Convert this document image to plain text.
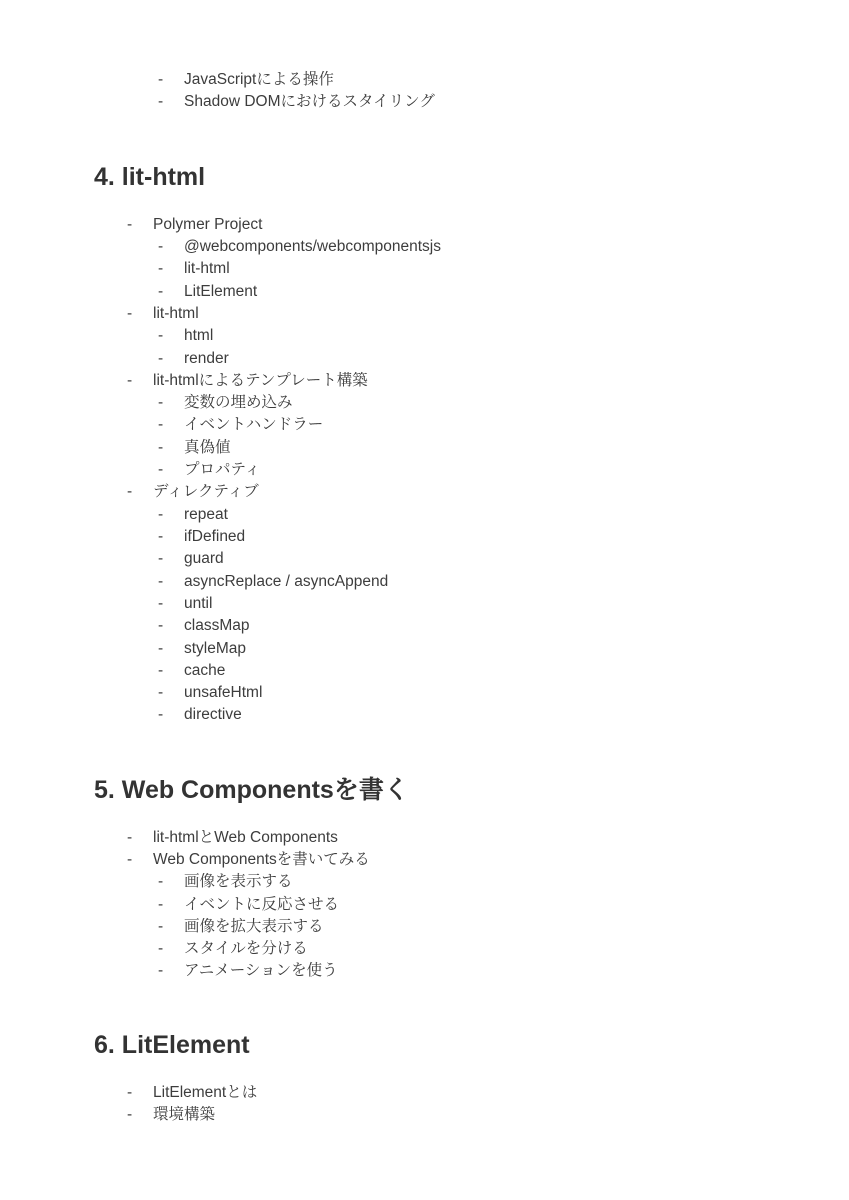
- JavaScriptによる操作
- Shadow DOMにおけるスタイリング
4. lit-html
- Polymer Project
- @webcomponents/webcomponentsjs
- lit-html
- LitElement
- lit-html
- html
- render
- lit-htmlによるテンプレート構築
- 変数の埋め込み
- イベントハンドラー
- 真偽値
- プロパティ
- ディレクティブ
- repeat
- ifDefined
- guard
- asyncReplace / asyncAppend
- until
- classMap
- styleMap
- cache
- unsafeHtml
- directive
5. Web Componentsを書く
- lit-htmlとWeb Components
- Web Componentsを書いてみる
- 画像を表示する
- イベントに反応させる
- 画像を拡大表示する
- スタイルを分ける
- アニメーションを使う
6. LitElement
- LitElementとは
- 環境構築
